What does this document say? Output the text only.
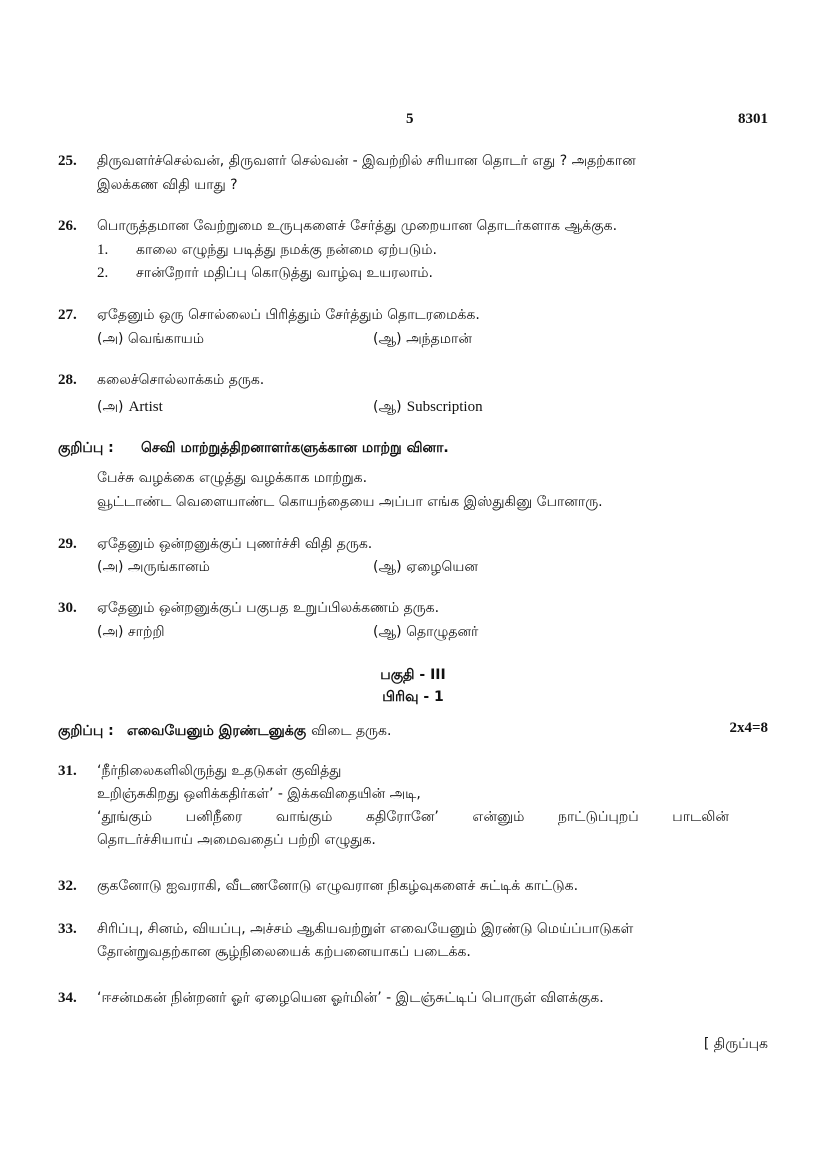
5	8301
25. திருவளர்ச்செல்வன், திருவளர் செல்வன் - இவற்றில் சரியான தொடர் எது ? அதற்கான
இலக்கண விதி யாது ?
26. பொருத்தமான வேற்றுமை உருபுகளைச் சேர்த்து முறையான தொடர்களாக ஆக்குக.
1. காலை எழுந்து படித்து நமக்கு நன்மை ஏற்படும்.
2. சான்றோர் மதிப்பு கொடுத்து வாழ்வு உயரலாம்.
27. ஏதேனும் ஒரு சொல்லைப் பிரித்தும் சேர்த்தும் தொடரமைக்க.
(அ) வெங்காயம்	(ஆ) அந்தமான்
28. கலைச்சொல்லாக்கம் தருக.
(அ) Artist	(ஆ) Subscription
குறிப்பு : செவி மாற்றுத்திறனாளர்களுக்கான மாற்று வினா.
பேச்சு வழக்கை எழுத்து வழக்காக மாற்றுக.
வூட்டாண்ட வெளையாண்ட கொயந்தையை அப்பா எங்க இஸ்துகினு போனாரு.
29. ஏதேனும் ஒன்றனுக்குப் புணர்ச்சி விதி தருக.
(அ) அருங்கானம்	(ஆ) ஏழையென
30. ஏதேனும் ஒன்றனுக்குப் பகுபத உறுப்பிலக்கணம் தருக.
(அ) சாற்றி	(ஆ) தொழுதனர்
பகுதி - III
பிரிவு - 1
குறிப்பு : எவையேனும் இரண்டனுக்கு விடை தருக.	2x4=8
31. ‘நீர்நிலைகளிலிருந்து உதடுகள் குவித்து
உறிஞ்சுகிறது ஒளிக்கதிர்கள்’ - இக்கவிதையின் அடி,
‘தூங்கும் பனிநீரை வாங்கும் கதிரோனே’ என்னும் நாட்டுப்புறப் பாடலின்
தொடர்ச்சியாய் அமைவதைப் பற்றி எழுதுக.
32. குகனோடு ஐவராகி, வீடணனோடு எழுவரான நிகழ்வுகளைச் சுட்டிக் காட்டுக.
33. சிரிப்பு, சினம், வியப்பு, அச்சம் ஆகியவற்றுள் எவையேனும் இரண்டு மெய்ப்பாடுகள்
தோன்றுவதற்கான சூழ்நிலையைக் கற்பனையாகப் படைக்க.
34. ‘ஈசன்மகன் நின்றனர் ஓர் ஏழையென ஓர்மின்’ - இடஞ்சுட்டிப் பொருள் விளக்குக.
[ திருப்புக
